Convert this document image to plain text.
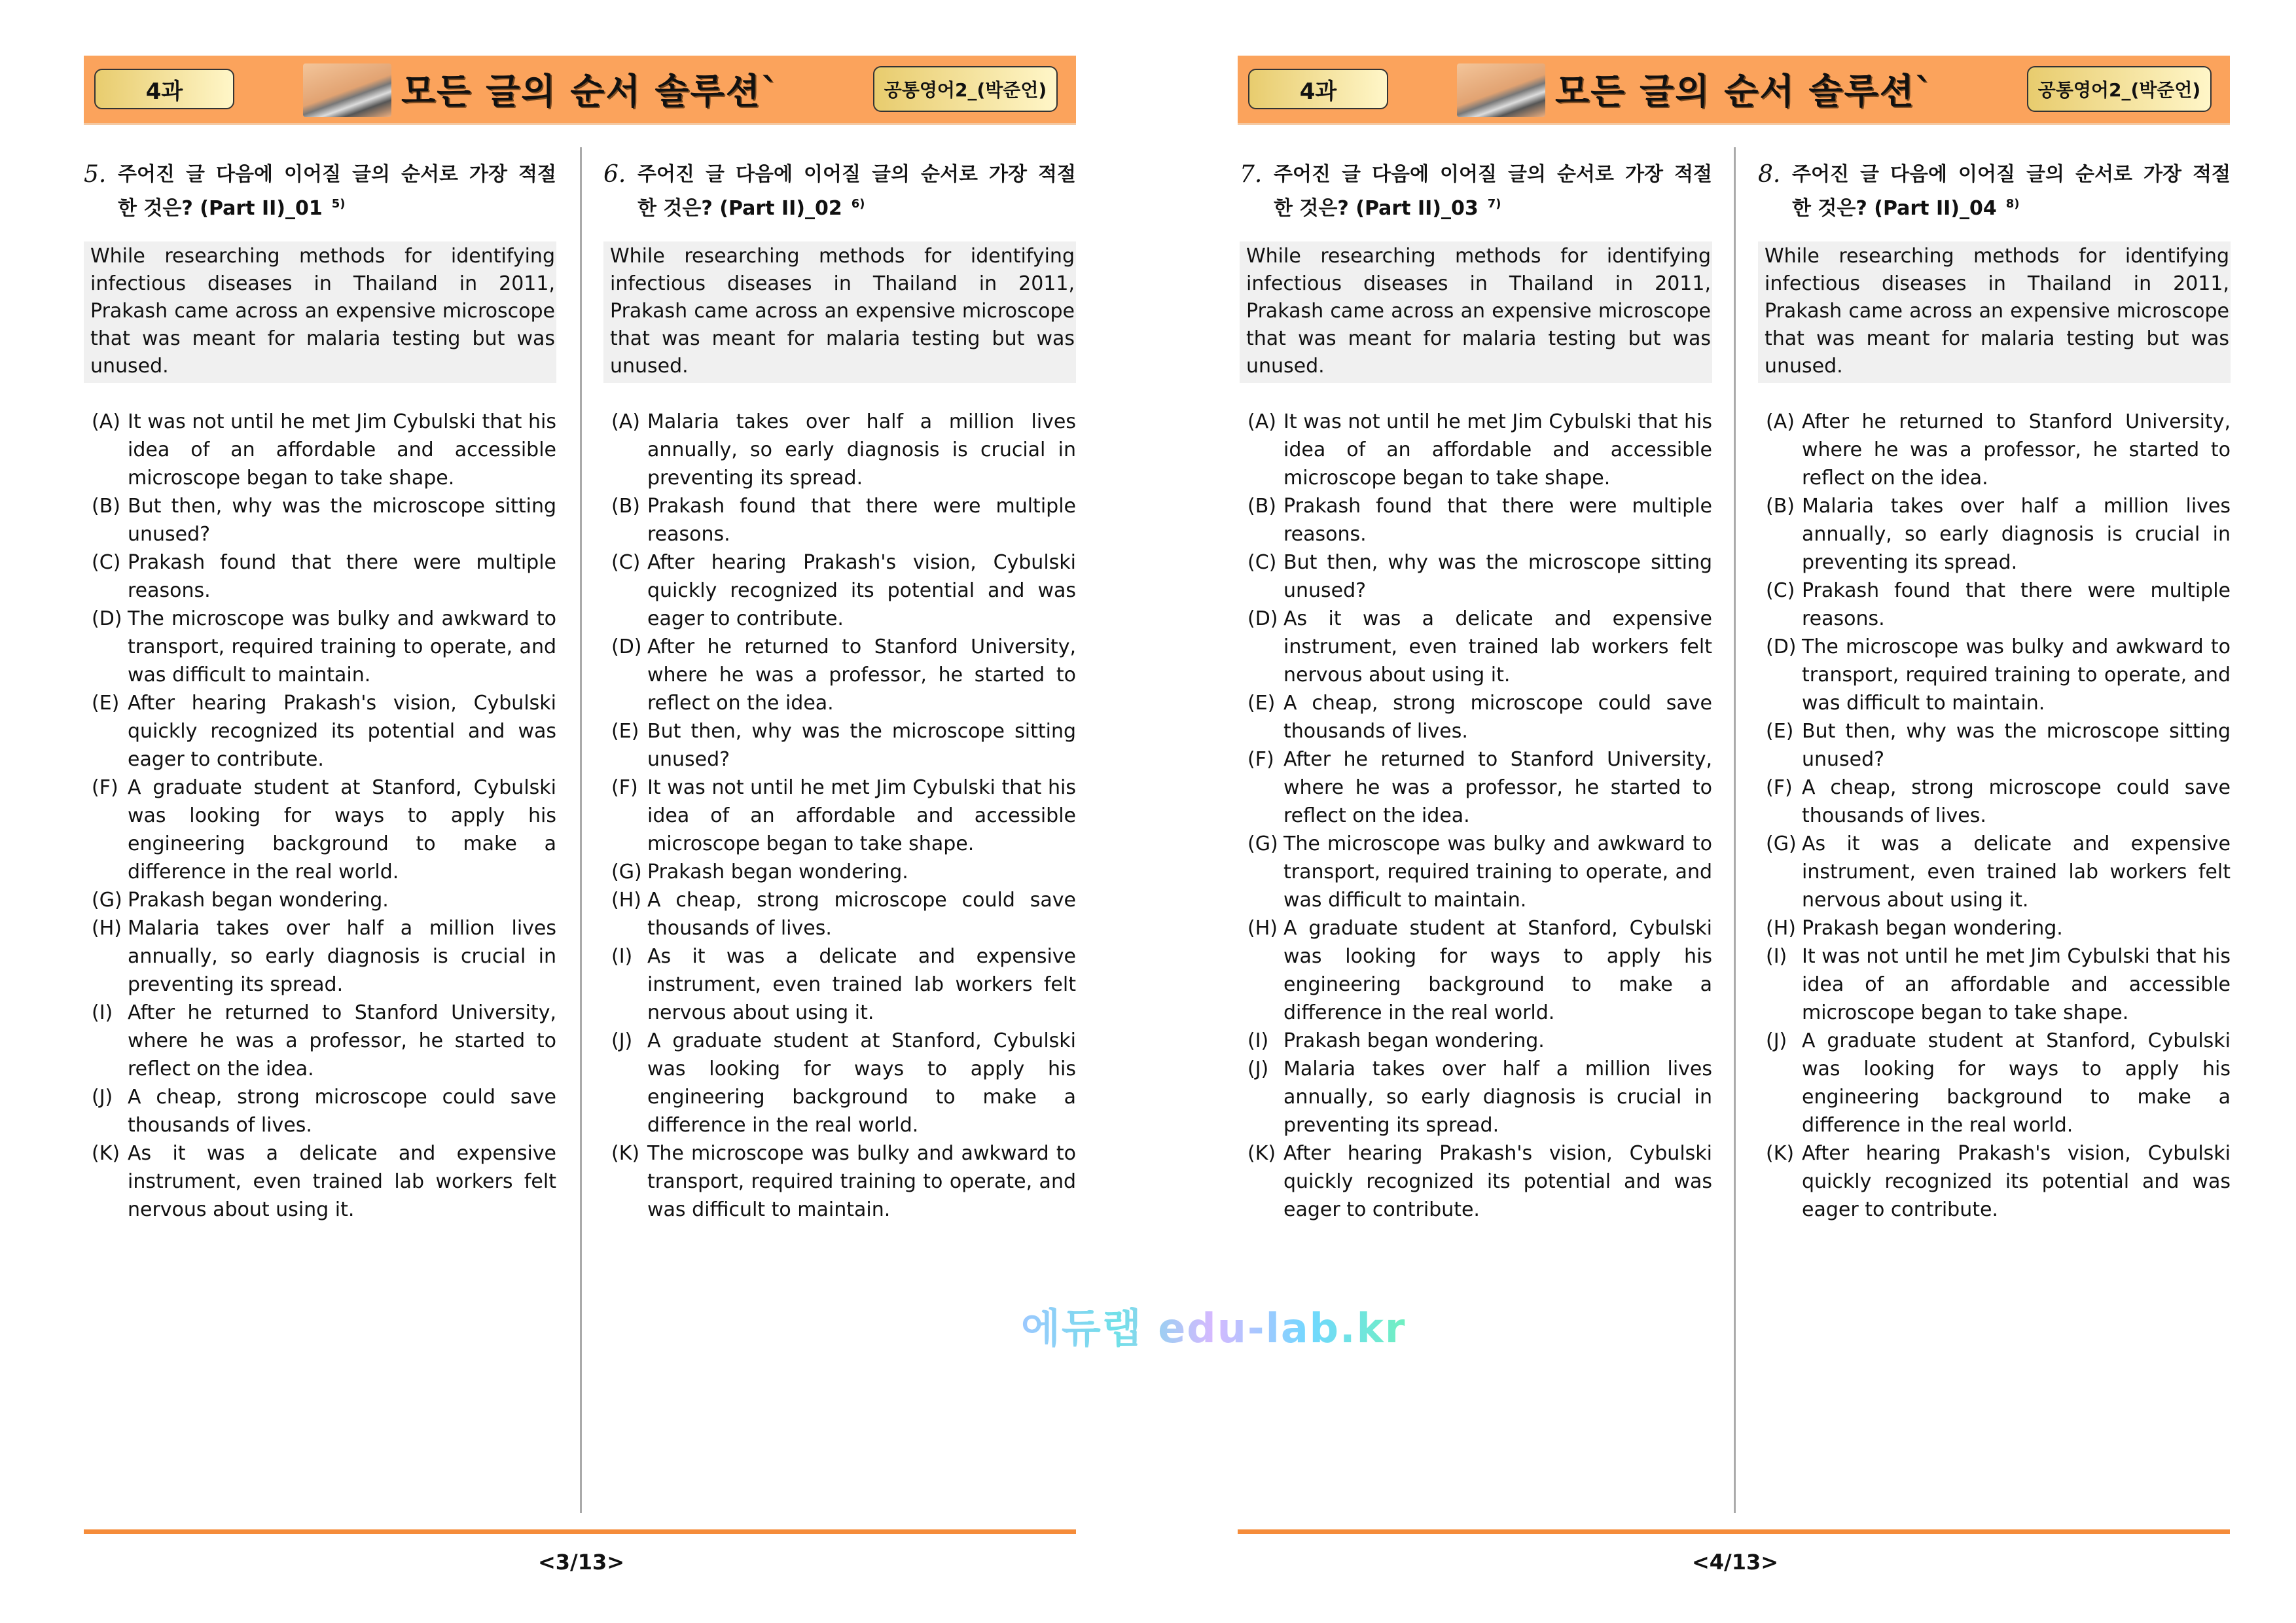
4과	모든 글의 순서 솔루션`	공통영어2_(박준언)
5. 주어진 글 다음에 이어질 글의 순서로 가장 적절
한 것은? (Part II)_01 $^{5)}$
While researching methods for identifying infectious diseases in Thailand in 2011, Prakash came across an expensive microscope that was meant for malaria testing but was unused.
(A) It was not until he met Jim Cybulski that his idea of an affordable and accessible microscope began to take shape.
(B) But then, why was the microscope sitting unused?
(C) Prakash found that there were multiple reasons.
(D) The microscope was bulky and awkward to transport, required training to operate, and was difficult to maintain.
(E) After hearing Prakash's vision, Cybulski quickly recognized its potential and was eager to contribute.
(F) A graduate student at Stanford, Cybulski was looking for ways to apply his engineering background to make a difference in the real world.
(G) Prakash began wondering.
(H) Malaria takes over half a million lives annually, so early diagnosis is crucial in preventing its spread.
(I) After he returned to Stanford University, where he was a professor, he started to reflect on the idea.
(J) A cheap, strong microscope could save thousands of lives.
(K) As it was a delicate and expensive instrument, even trained lab workers felt nervous about using it.
6. 주어진 글 다음에 이어질 글의 순서로 가장 적절
한 것은? (Part II)_02 $^{6)}$
While researching methods for identifying infectious diseases in Thailand in 2011, Prakash came across an expensive microscope that was meant for malaria testing but was unused.
(A) Malaria takes over half a million lives annually, so early diagnosis is crucial in preventing its spread.
(B) Prakash found that there were multiple reasons.
(C) After hearing Prakash's vision, Cybulski quickly recognized its potential and was eager to contribute.
(D) After he returned to Stanford University, where he was a professor, he started to reflect on the idea.
(E) But then, why was the microscope sitting unused?
(F) It was not until he met Jim Cybulski that his idea of an affordable and accessible microscope began to take shape.
(G) Prakash began wondering.
(H) A cheap, strong microscope could save thousands of lives.
(I) As it was a delicate and expensive instrument, even trained lab workers felt nervous about using it.
(J) A graduate student at Stanford, Cybulski was looking for ways to apply his engineering background to make a difference in the real world.
(K) The microscope was bulky and awkward to transport, required training to operate, and was difficult to maintain.
<3/13>
4과	모든 글의 순서 솔루션`	공통영어2_(박준언)
7. 주어진 글 다음에 이어질 글의 순서로 가장 적절
한 것은? (Part II)_03 $^{7)}$
While researching methods for identifying infectious diseases in Thailand in 2011, Prakash came across an expensive microscope that was meant for malaria testing but was unused.
(A) It was not until he met Jim Cybulski that his idea of an affordable and accessible microscope began to take shape.
(B) Prakash found that there were multiple reasons.
(C) But then, why was the microscope sitting unused?
(D) As it was a delicate and expensive instrument, even trained lab workers felt nervous about using it.
(E) A cheap, strong microscope could save thousands of lives.
(F) After he returned to Stanford University, where he was a professor, he started to reflect on the idea.
(G) The microscope was bulky and awkward to transport, required training to operate, and was difficult to maintain.
(H) A graduate student at Stanford, Cybulski was looking for ways to apply his engineering background to make a difference in the real world.
(I) Prakash began wondering.
(J) Malaria takes over half a million lives annually, so early diagnosis is crucial in preventing its spread.
(K) After hearing Prakash's vision, Cybulski quickly recognized its potential and was eager to contribute.
8. 주어진 글 다음에 이어질 글의 순서로 가장 적절
한 것은? (Part II)_04 $^{8)}$
While researching methods for identifying infectious diseases in Thailand in 2011, Prakash came across an expensive microscope that was meant for malaria testing but was unused.
(A) After he returned to Stanford University, where he was a professor, he started to reflect on the idea.
(B) Malaria takes over half a million lives annually, so early diagnosis is crucial in preventing its spread.
(C) Prakash found that there were multiple reasons.
(D) The microscope was bulky and awkward to transport, required training to operate, and was difficult to maintain.
(E) But then, why was the microscope sitting unused?
(F) A cheap, strong microscope could save thousands of lives.
(G) As it was a delicate and expensive instrument, even trained lab workers felt nervous about using it.
(H) Prakash began wondering.
(I) It was not until he met Jim Cybulski that his idea of an affordable and accessible microscope began to take shape.
(J) A graduate student at Stanford, Cybulski was looking for ways to apply his engineering background to make a difference in the real world.
(K) After hearing Prakash's vision, Cybulski quickly recognized its potential and was eager to contribute.
<4/13>
에듀랩 edu-lab.kr
